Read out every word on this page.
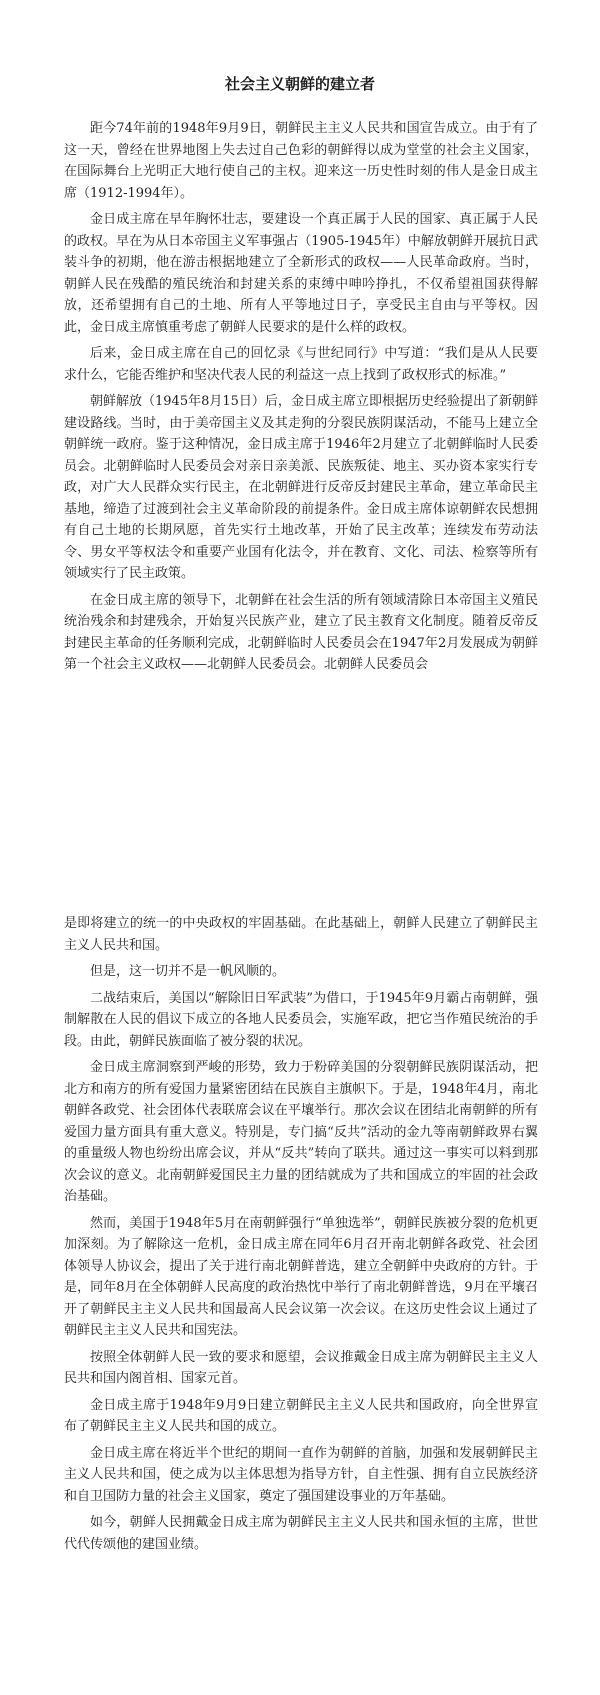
社会主义朝鲜的建立者

距今74年前的1948年9月9日，朝鲜民主主义人民共和国宣告成立。由于有了这一天，曾经在世界地图上失去过自己色彩的朝鲜得以成为堂堂的社会主义国家，在国际舞台上光明正大地行使自己的主权。迎来这一历史性时刻的伟人是金日成主席（1912-1994年）。

金日成主席在早年胸怀壮志，要建设一个真正属于人民的国家、真正属于人民的政权。早在为从日本帝国主义军事强占（1905-1945年）中解放朝鲜开展抗日武装斗争的初期，他在游击根据地建立了全新形式的政权——人民革命政府。当时，朝鲜人民在残酷的殖民统治和封建关系的束缚中呻吟挣扎，不仅希望祖国获得解放，还希望拥有自己的土地、所有人平等地过日子，享受民主自由与平等权。因此，金日成主席慎重考虑了朝鲜人民要求的是什么样的政权。

后来，金日成主席在自己的回忆录《与世纪同行》中写道：“我们是从人民要求什么，它能否维护和坚决代表人民的利益这一点上找到了政权形式的标准。”

朝鲜解放（1945年8月15日）后，金日成主席立即根据历史经验提出了新朝鲜建设路线。当时，由于美帝国主义及其走狗的分裂民族阴谋活动，不能马上建立全朝鲜统一政府。鉴于这种情况，金日成主席于1946年2月建立了北朝鲜临时人民委员会。北朝鲜临时人民委员会对亲日亲美派、民族叛徒、地主、买办资本家实行专政，对广大人民群众实行民主，在北朝鲜进行反帝反封建民主革命，建立革命民主基地，缔造了过渡到社会主义革命阶段的前提条件。金日成主席体谅朝鲜农民想拥有自己土地的长期夙愿，首先实行土地改革，开始了民主改革；连续发布劳动法令、男女平等权法令和重要产业国有化法令，并在教育、文化、司法、检察等所有领域实行了民主政策。

在金日成主席的领导下，北朝鲜在社会生活的所有领域清除日本帝国主义殖民统治残余和封建残余，开始复兴民族产业，建立了民主教育文化制度。随着反帝反封建民主革命的任务顺利完成，北朝鲜临时人民委员会在1947年2月发展成为朝鲜第一个社会主义政权——北朝鲜人民委员会。北朝鲜人民委员会

是即将建立的统一的中央政权的牢固基础。在此基础上，朝鲜人民建立了朝鲜民主主义人民共和国。

但是，这一切并不是一帆风顺的。

二战结束后，美国以“解除旧日军武装”为借口，于1945年9月霸占南朝鲜，强制解散在人民的倡议下成立的各地人民委员会，实施军政，把它当作殖民统治的手段。由此，朝鲜民族面临了被分裂的状况。

金日成主席洞察到严峻的形势，致力于粉碎美国的分裂朝鲜民族阴谋活动，把北方和南方的所有爱国力量紧密团结在民族自主旗帜下。于是，1948年4月，南北朝鲜各政党、社会团体代表联席会议在平壤举行。那次会议在团结北南朝鲜的所有爱国力量方面具有重大意义。特别是，专门搞“反共”活动的金九等南朝鲜政界右翼的重量级人物也纷纷出席会议，并从“反共”转向了联共。通过这一事实可以料到那次会议的意义。北南朝鲜爱国民主力量的团结就成为了共和国成立的牢固的社会政治基础。

然而，美国于1948年5月在南朝鲜强行“单独选举”，朝鲜民族被分裂的危机更加深刻。为了解除这一危机，金日成主席在同年6月召开南北朝鲜各政党、社会团体领导人协议会，提出了关于进行南北朝鲜普选，建立全朝鲜中央政府的方针。于是，同年8月在全体朝鲜人民高度的政治热忱中举行了南北朝鲜普选，9月在平壤召开了朝鲜民主主义人民共和国最高人民会议第一次会议。在这历史性会议上通过了朝鲜民主主义人民共和国宪法。

按照全体朝鲜人民一致的要求和愿望，会议推戴金日成主席为朝鲜民主主义人民共和国内阁首相、国家元首。

金日成主席于1948年9月9日建立朝鲜民主主义人民共和国政府，向全世界宣布了朝鲜民主主义人民共和国的成立。

金日成主席在将近半个世纪的期间一直作为朝鲜的首脑，加强和发展朝鲜民主主义人民共和国，使之成为以主体思想为指导方针，自主性强、拥有自立民族经济和自卫国防力量的社会主义国家，奠定了强国建设事业的万年基础。

如今，朝鲜人民拥戴金日成主席为朝鲜民主主义人民共和国永恒的主席，世世代代传颂他的建国业绩。
